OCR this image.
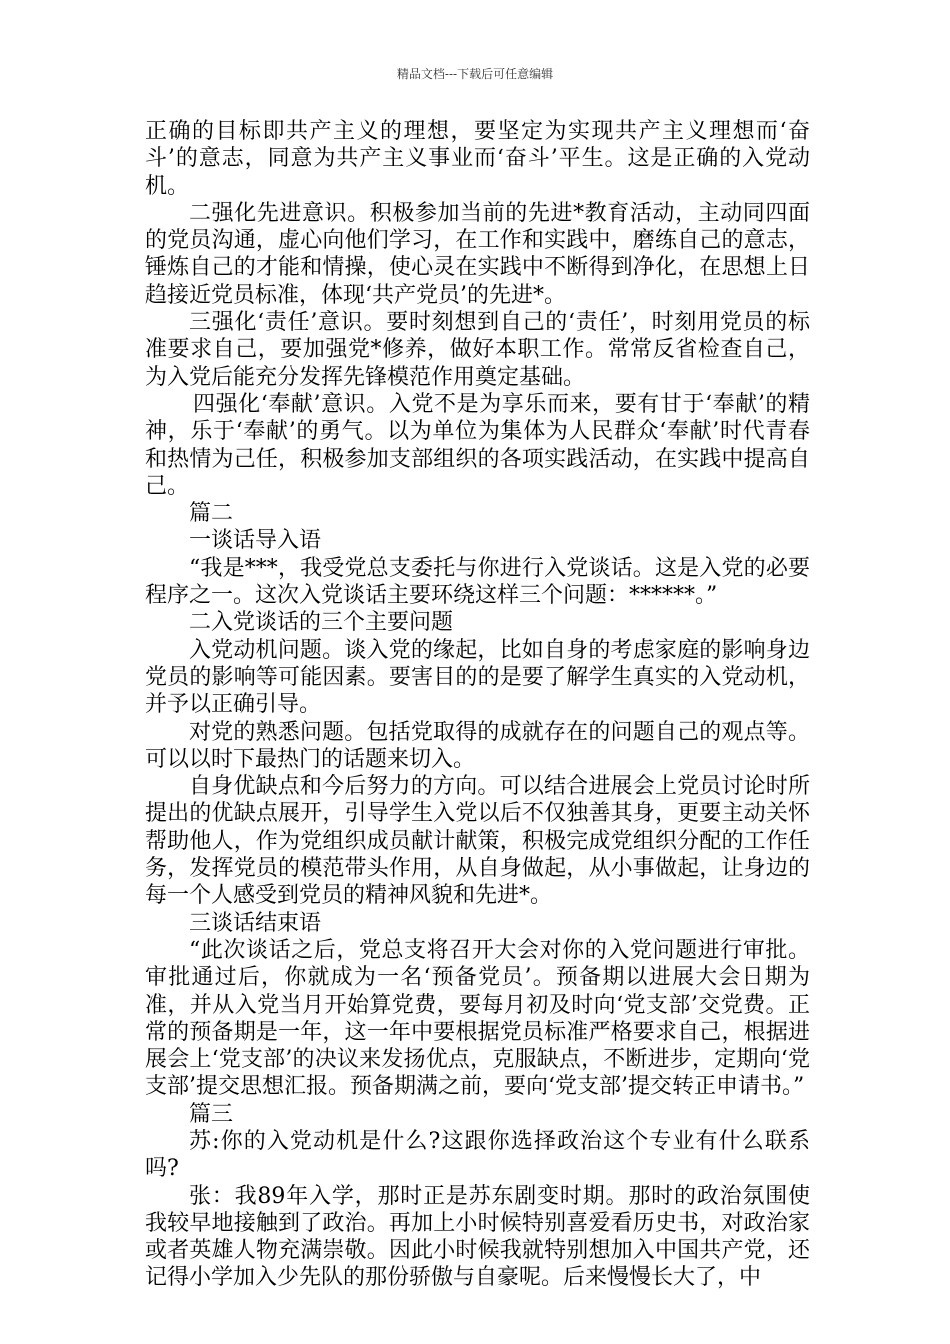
精品文档---下载后可任意编辑

正确的目标即共产主义的理想，要坚定为实现共产主义理想而‘奋斗’的意志，同意为共产主义事业而‘奋斗’平生。这是正确的入党动机。

二强化先进意识。积极参加当前的先进*教育活动，主动同四面的党员沟通，虚心向他们学习，在工作和实践中，磨练自己的意志，锤炼自己的才能和情操，使心灵在实践中不断得到净化，在思想上日趋接近党员标准，体现‘共产党员’的先进*。

三强化‘责任’意识。要时刻想到自己的‘责任’，时刻用党员的标准要求自己，要加强党*修养，做好本职工作。常常反省检查自己，为入党后能充分发挥先锋模范作用奠定基础。

四强化‘奉献’意识。入党不是为享乐而来，要有甘于‘奉献’的精神，乐于‘奉献’的勇气。以为单位为集体为人民群众‘奉献’时代青春和热情为己任，积极参加支部组织的各项实践活动，在实践中提高自己。

篇二

一谈话导入语

“我是***，我受党总支委托与你进行入党谈话。这是入党的必要程序之一。这次入党谈话主要环绕这样三个问题：******。”

二入党谈话的三个主要问题

入党动机问题。谈入党的缘起，比如自身的考虑家庭的影响身边党员的影响等可能因素。要害目的的是要了解学生真实的入党动机，并予以正确引导。

对党的熟悉问题。包括党取得的成就存在的问题自己的观点等。可以以时下最热门的话题来切入。

自身优缺点和今后努力的方向。可以结合进展会上党员讨论时所提出的优缺点展开，引导学生入党以后不仅独善其身，更要主动关怀帮助他人，作为党组织成员献计献策，积极完成党组织分配的工作任务，发挥党员的模范带头作用，从自身做起，从小事做起，让身边的每一个人感受到党员的精神风貌和先进*。

三谈话结束语

“此次谈话之后，党总支将召开大会对你的入党问题进行审批。审批通过后，你就成为一名‘预备党员’。预备期以进展大会日期为准，并从入党当月开始算党费，要每月初及时向‘党支部’交党费。正常的预备期是一年，这一年中要根据党员标准严格要求自己，根据进展会上‘党支部’的决议来发扬优点，克服缺点，不断进步，定期向‘党支部’提交思想汇报。预备期满之前，要向‘党支部’提交转正申请书。”

篇三

苏:你的入党动机是什么?这跟你选择政治这个专业有什么联系吗?

张：我89年入学，那时正是苏东剧变时期。那时的政治氛围使我较早地接触到了政治。再加上小时候特别喜爱看历史书，对政治家或者英雄人物充满崇敬。因此小时候我就特别想加入中国共产党，还记得小学加入少先队的那份骄傲与自豪呢。后来慢慢长大了，中
